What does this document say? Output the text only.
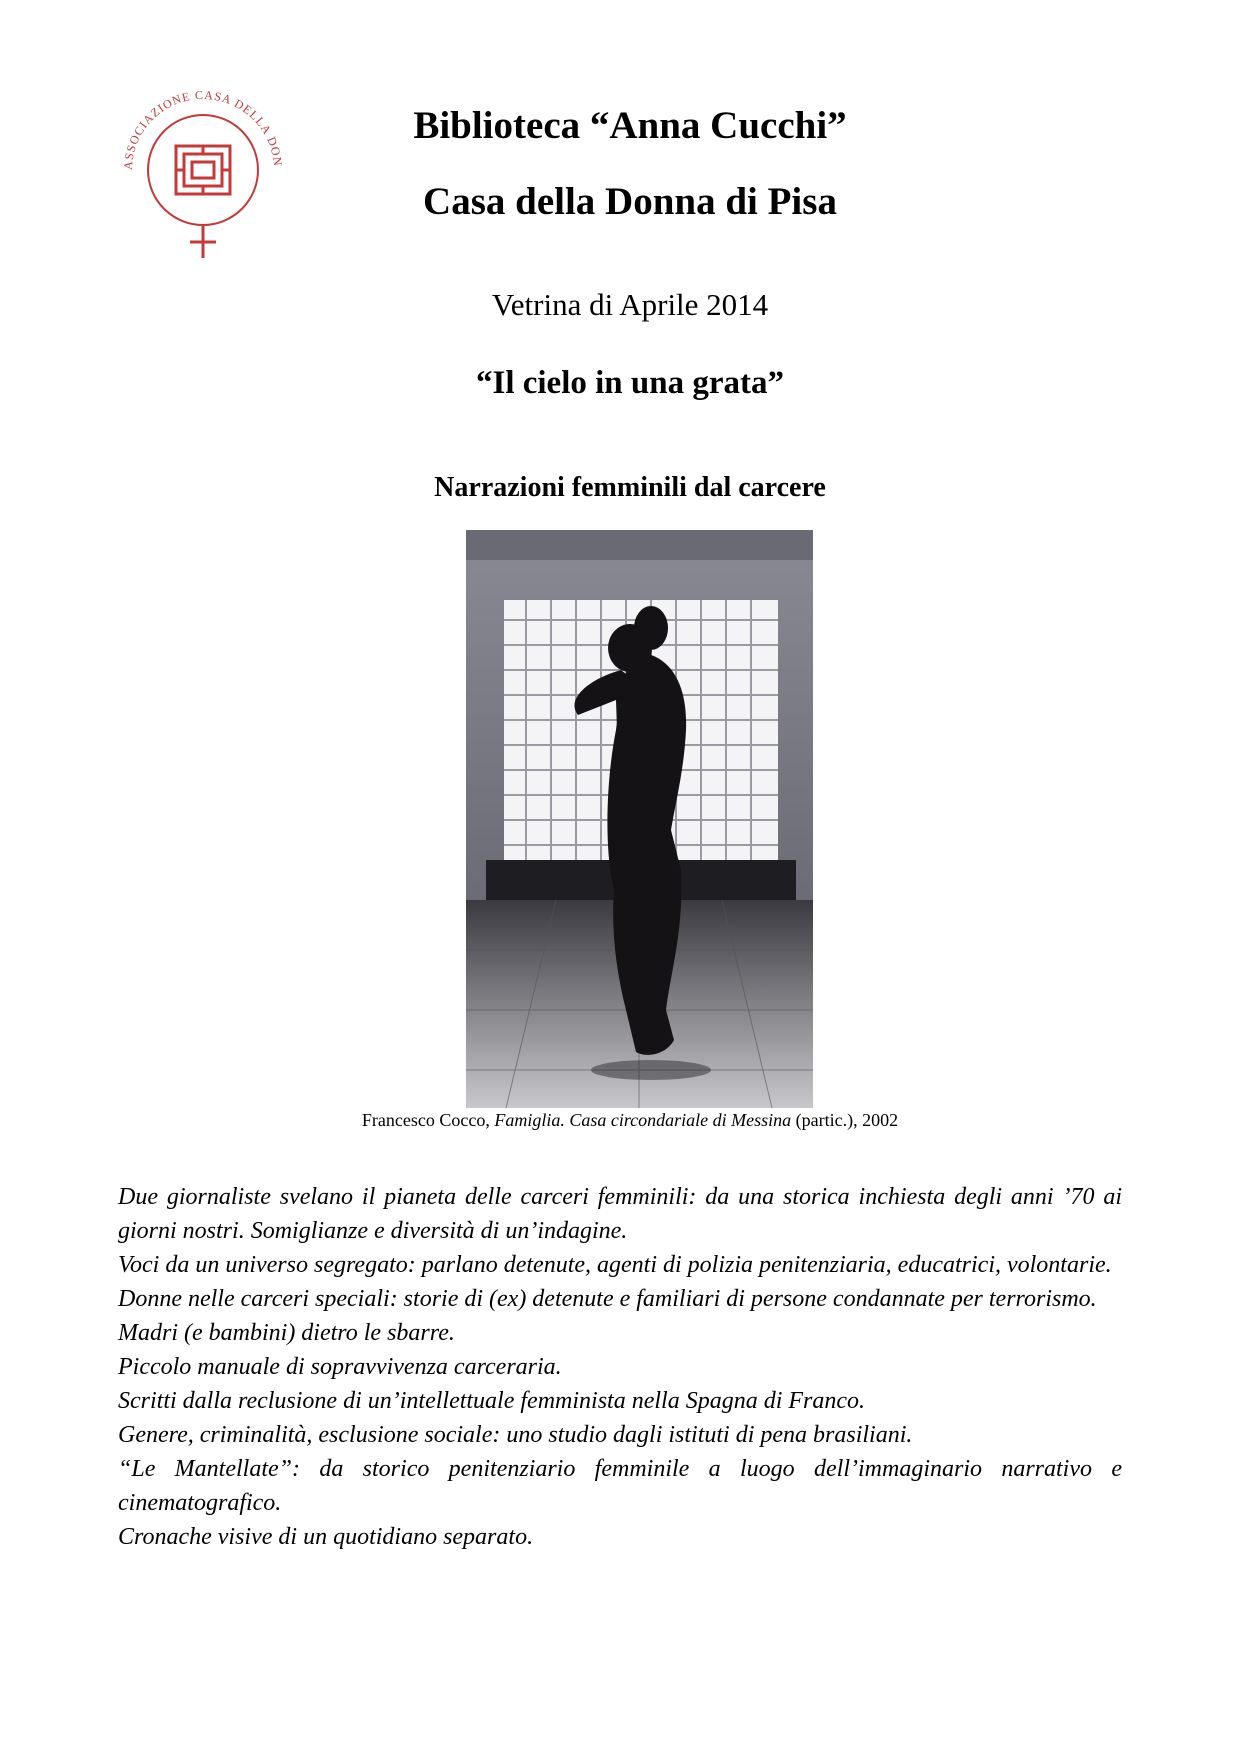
ASSOCIAZIONE CASA DELLA DON
Biblioteca “Anna Cucchi”
Casa della Donna di Pisa
Vetrina di Aprile 2014
“Il cielo in una grata”
Narrazioni femminili dal carcere
Francesco Cocco, Famiglia. Casa circondariale di Messina (partic.), 2002

Due giornaliste svelano il pianeta delle carceri femminili: da una storica inchiesta degli anni ’70 ai giorni nostri. Somiglianze e diversità di un’indagine.

Voci da un universo segregato: parlano detenute, agenti di polizia penitenziaria, educatrici, volontarie.

Donne nelle carceri speciali: storie di (ex) detenute e familiari di persone condannate per terrorismo.

Madri (e bambini) dietro le sbarre.

Piccolo manuale di sopravvivenza carceraria.

Scritti dalla reclusione di un’intellettuale femminista nella Spagna di Franco.

Genere, criminalità, esclusione sociale: uno studio dagli istituti di pena brasiliani.

“Le Mantellate”: da storico penitenziario femminile a luogo dell’immaginario narrativo e cinematografico.

Cronache visive di un quotidiano separato.
